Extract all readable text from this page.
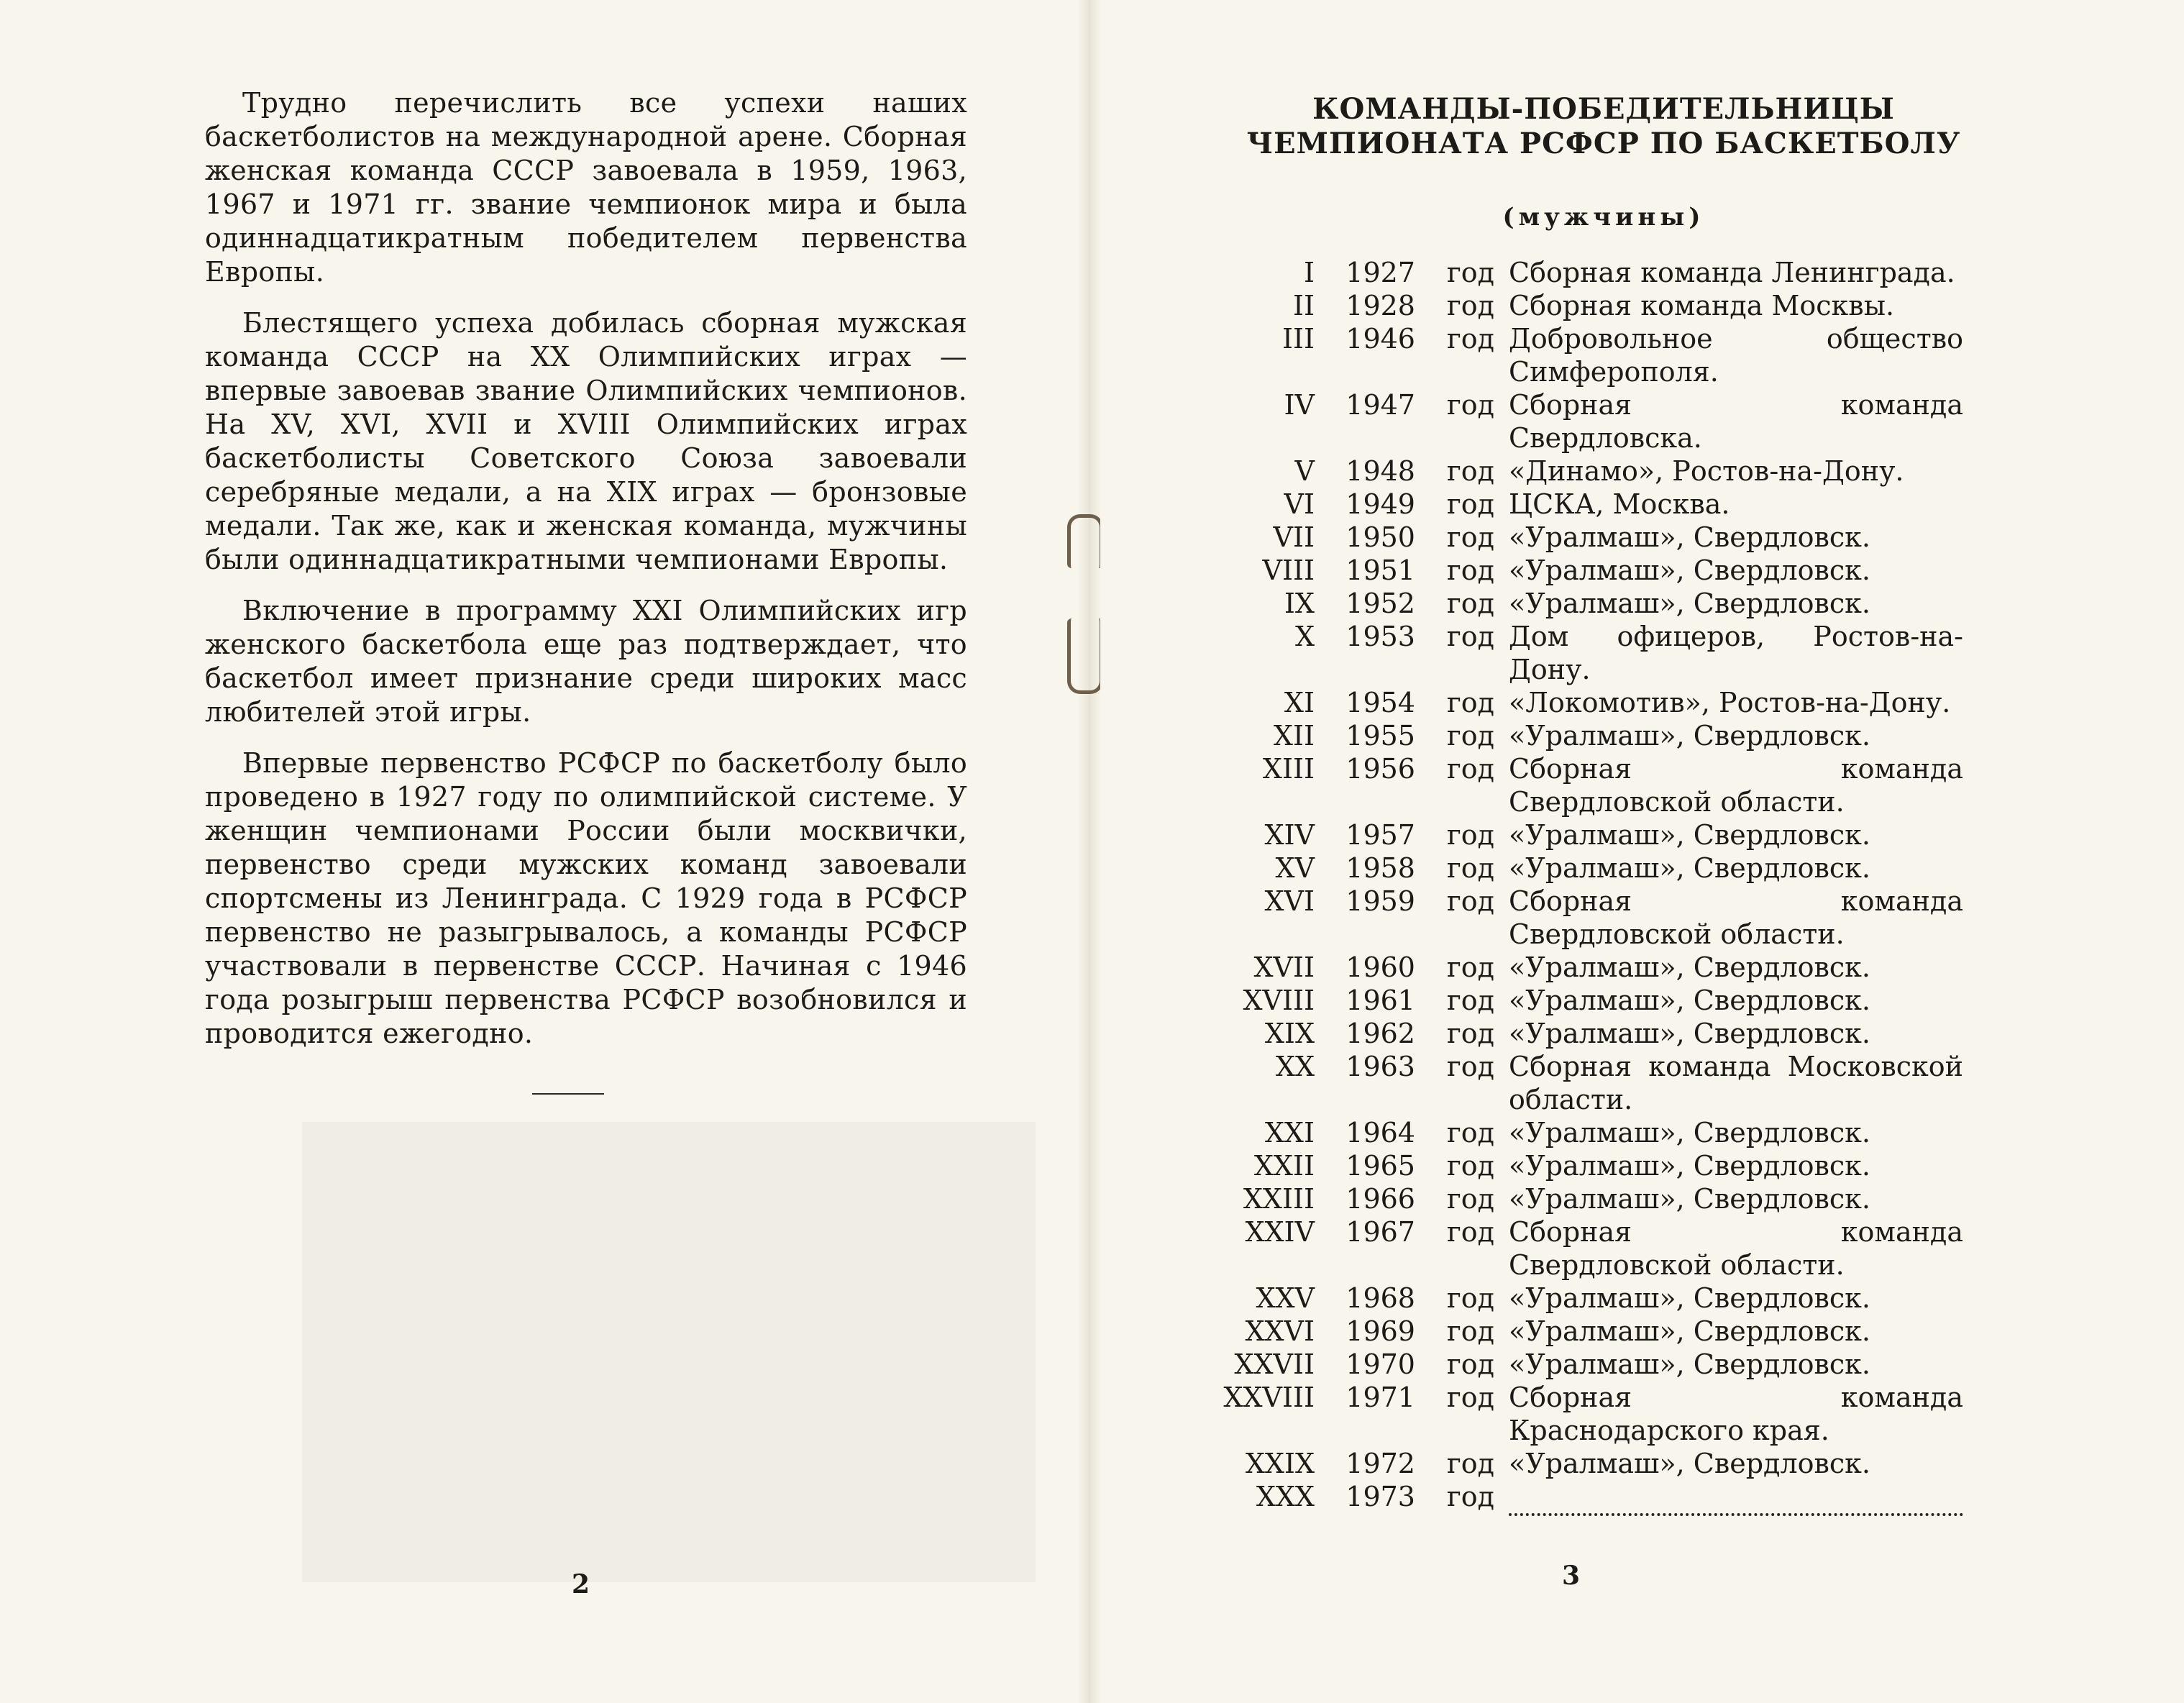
Трудно перечислить все успехи наших баскетболистов на международной арене. Сборная женская команда СССР завоевала в 1959, 1963, 1967 и 1971 гг. звание чемпионок мира и была одиннадцатикратным победителем первенства Европы.

Блестящего успеха добилась сборная мужская команда СССР на XX Олимпийских играх — впервые завоевав звание Олимпийских чемпионов. На XV, XVI, XVII и XVIII Олимпийских играх баскетболисты Советского Союза завоевали серебряные медали, а на XIX играх — бронзовые медали. Так же, как и женская команда, мужчины были одиннадцатикратными чемпионами Европы.

Включение в программу XXI Олимпийских игр женского баскетбола еще раз подтверждает, что баскетбол имеет признание среди широких масс любителей этой игры.

Впервые первенство РСФСР по баскетболу было проведено в 1927 году по олимпийской системе. У женщин чемпионами России были москвички, первенство среди мужских команд завоевали спортсмены из Ленинграда. С 1929 года в РСФСР первенство не разыгрывалось, а команды РСФСР участвовали в первенстве СССР. Начиная с 1946 года розыгрыш первенства РСФСР возобновился и проводится ежегодно.

2
КОМАНДЫ-ПОБЕДИТЕЛЬНИЦЫ
ЧЕМПИОНАТА РСФСР ПО БАСКЕТБОЛУ
(мужчины)
I	1927	год Сборная команда Ленинграда.
II	1928	год Сборная команда Москвы.
III	1946	год Добровольное общество Симферополя.
IV	1947	год Сборная команда Свердловска.
V	1948	год «Динамо», Ростов-на-Дону.
VI	1949	год ЦСКА, Москва.
VII	1950	год «Уралмаш», Свердловск.
VIII	1951	год «Уралмаш», Свердловск.
IX	1952	год «Уралмаш», Свердловск.
X	1953	год Дом офицеров, Ростов-на-Дону.
XI	1954	год «Локомотив», Ростов-на-Дону.
XII	1955	год «Уралмаш», Свердловск.
XIII	1956	год Сборная команда Свердловской области.
XIV	1957	год «Уралмаш», Свердловск.
XV	1958	год «Уралмаш», Свердловск.
XVI	1959	год Сборная команда Свердловской области.
XVII	1960	год «Уралмаш», Свердловск.
XVIII	1961	год «Уралмаш», Свердловск.
XIX	1962	год «Уралмаш», Свердловск.
XX	1963	год Сборная команда Московской области.
XXI	1964	год «Уралмаш», Свердловск.
XXII	1965	год «Уралмаш», Свердловск.
XXIII	1966	год «Уралмаш», Свердловск.
XXIV	1967	год Сборная команда Свердловской области.
XXV	1968	год «Уралмаш», Свердловск.
XXVI	1969	год «Уралмаш», Свердловск.
XXVII	1970	год «Уралмаш», Свердловск.
XXVIII	1971	год Сборная команда Краснодарского края.
XXIX	1972	год «Уралмаш», Свердловск.
XXX	1973	год
3
